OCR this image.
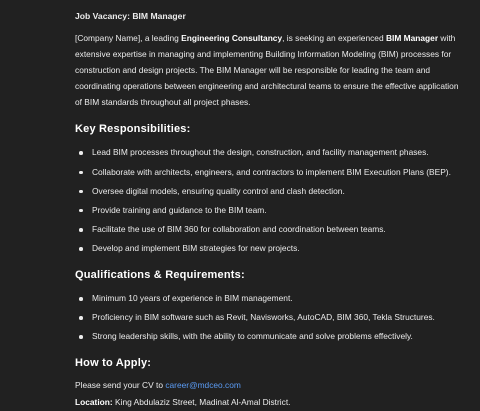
Job Vacancy: BIM Manager

[Company Name], a leading Engineering Consultancy, is seeking an experienced BIM Manager with extensive expertise in managing and implementing Building Information Modeling (BIM) processes for construction and design projects. The BIM Manager will be responsible for leading the team and coordinating operations between engineering and architectural teams to ensure the effective application of BIM standards throughout all project phases.

Key Responsibilities:
Lead BIM processes throughout the design, construction, and facility management phases.
Collaborate with architects, engineers, and contractors to implement BIM Execution Plans (BEP).
Oversee digital models, ensuring quality control and clash detection.
Provide training and guidance to the BIM team.
Facilitate the use of BIM 360 for collaboration and coordination between teams.
Develop and implement BIM strategies for new projects.
Qualifications & Requirements:
Minimum 10 years of experience in BIM management.
Proficiency in BIM software such as Revit, Navisworks, AutoCAD, BIM 360, Tekla Structures.
Strong leadership skills, with the ability to communicate and solve problems effectively.
How to Apply:

Please send your CV to career@mdceo.com

Location: King Abdulaziz Street, Madinat Al-Amal District.
